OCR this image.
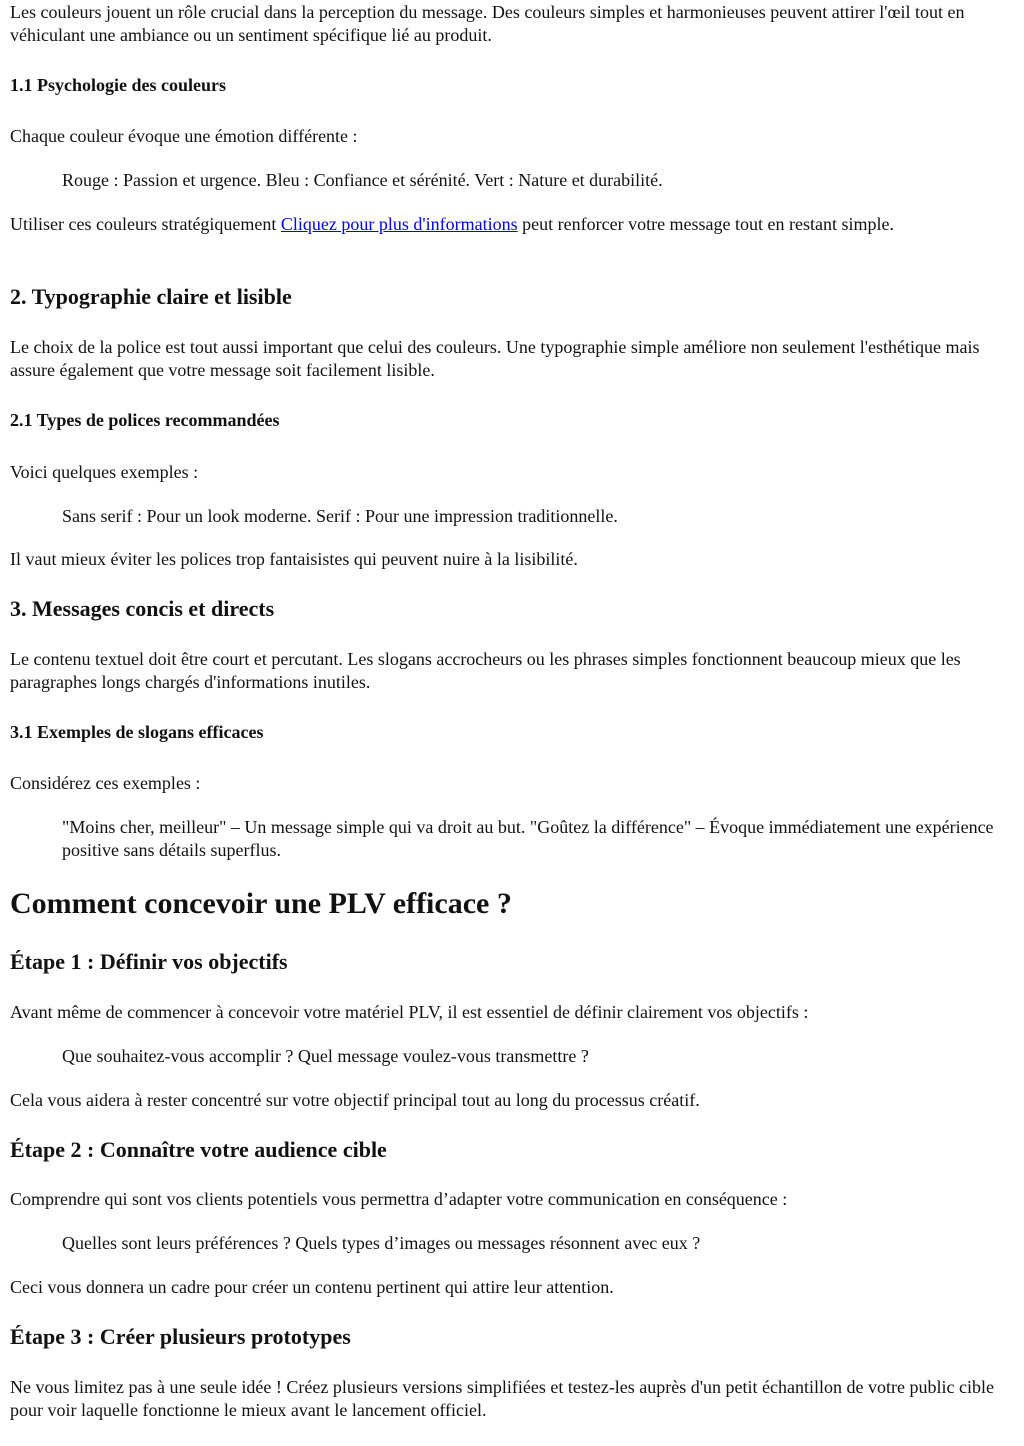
Les couleurs jouent un rôle crucial dans la perception du message. Des couleurs simples et harmonieuses peuvent attirer l'œil tout en véhiculant une ambiance ou un sentiment spécifique lié au produit.

1.1 Psychologie des couleurs

Chaque couleur évoque une émotion différente :

Rouge : Passion et urgence. Bleu : Confiance et sérénité. Vert : Nature et durabilité.

Utiliser ces couleurs stratégiquement Cliquez pour plus d'informations peut renforcer votre message tout en restant simple.

2. Typographie claire et lisible

Le choix de la police est tout aussi important que celui des couleurs. Une typographie simple améliore non seulement l'esthétique mais assure également que votre message soit facilement lisible.

2.1 Types de polices recommandées

Voici quelques exemples :

Sans serif : Pour un look moderne. Serif : Pour une impression traditionnelle.

Il vaut mieux éviter les polices trop fantaisistes qui peuvent nuire à la lisibilité.

3. Messages concis et directs

Le contenu textuel doit être court et percutant. Les slogans accrocheurs ou les phrases simples fonctionnent beaucoup mieux que les paragraphes longs chargés d'informations inutiles.

3.1 Exemples de slogans efficaces

Considérez ces exemples :

"Moins cher, meilleur" – Un message simple qui va droit au but. "Goûtez la différence" – Évoque immédiatement une expérience positive sans détails superflus.

Comment concevoir une PLV efficace ?
Étape 1 : Définir vos objectifs

Avant même de commencer à concevoir votre matériel PLV, il est essentiel de définir clairement vos objectifs :

Que souhaitez-vous accomplir ? Quel message voulez-vous transmettre ?

Cela vous aidera à rester concentré sur votre objectif principal tout au long du processus créatif.

Étape 2 : Connaître votre audience cible

Comprendre qui sont vos clients potentiels vous permettra d’adapter votre communication en conséquence :

Quelles sont leurs préférences ? Quels types d’images ou messages résonnent avec eux ?

Ceci vous donnera un cadre pour créer un contenu pertinent qui attire leur attention.

Étape 3 : Créer plusieurs prototypes

Ne vous limitez pas à une seule idée ! Créez plusieurs versions simplifiées et testez-les auprès d'un petit échantillon de votre public cible pour voir laquelle fonctionne le mieux avant le lancement officiel.
